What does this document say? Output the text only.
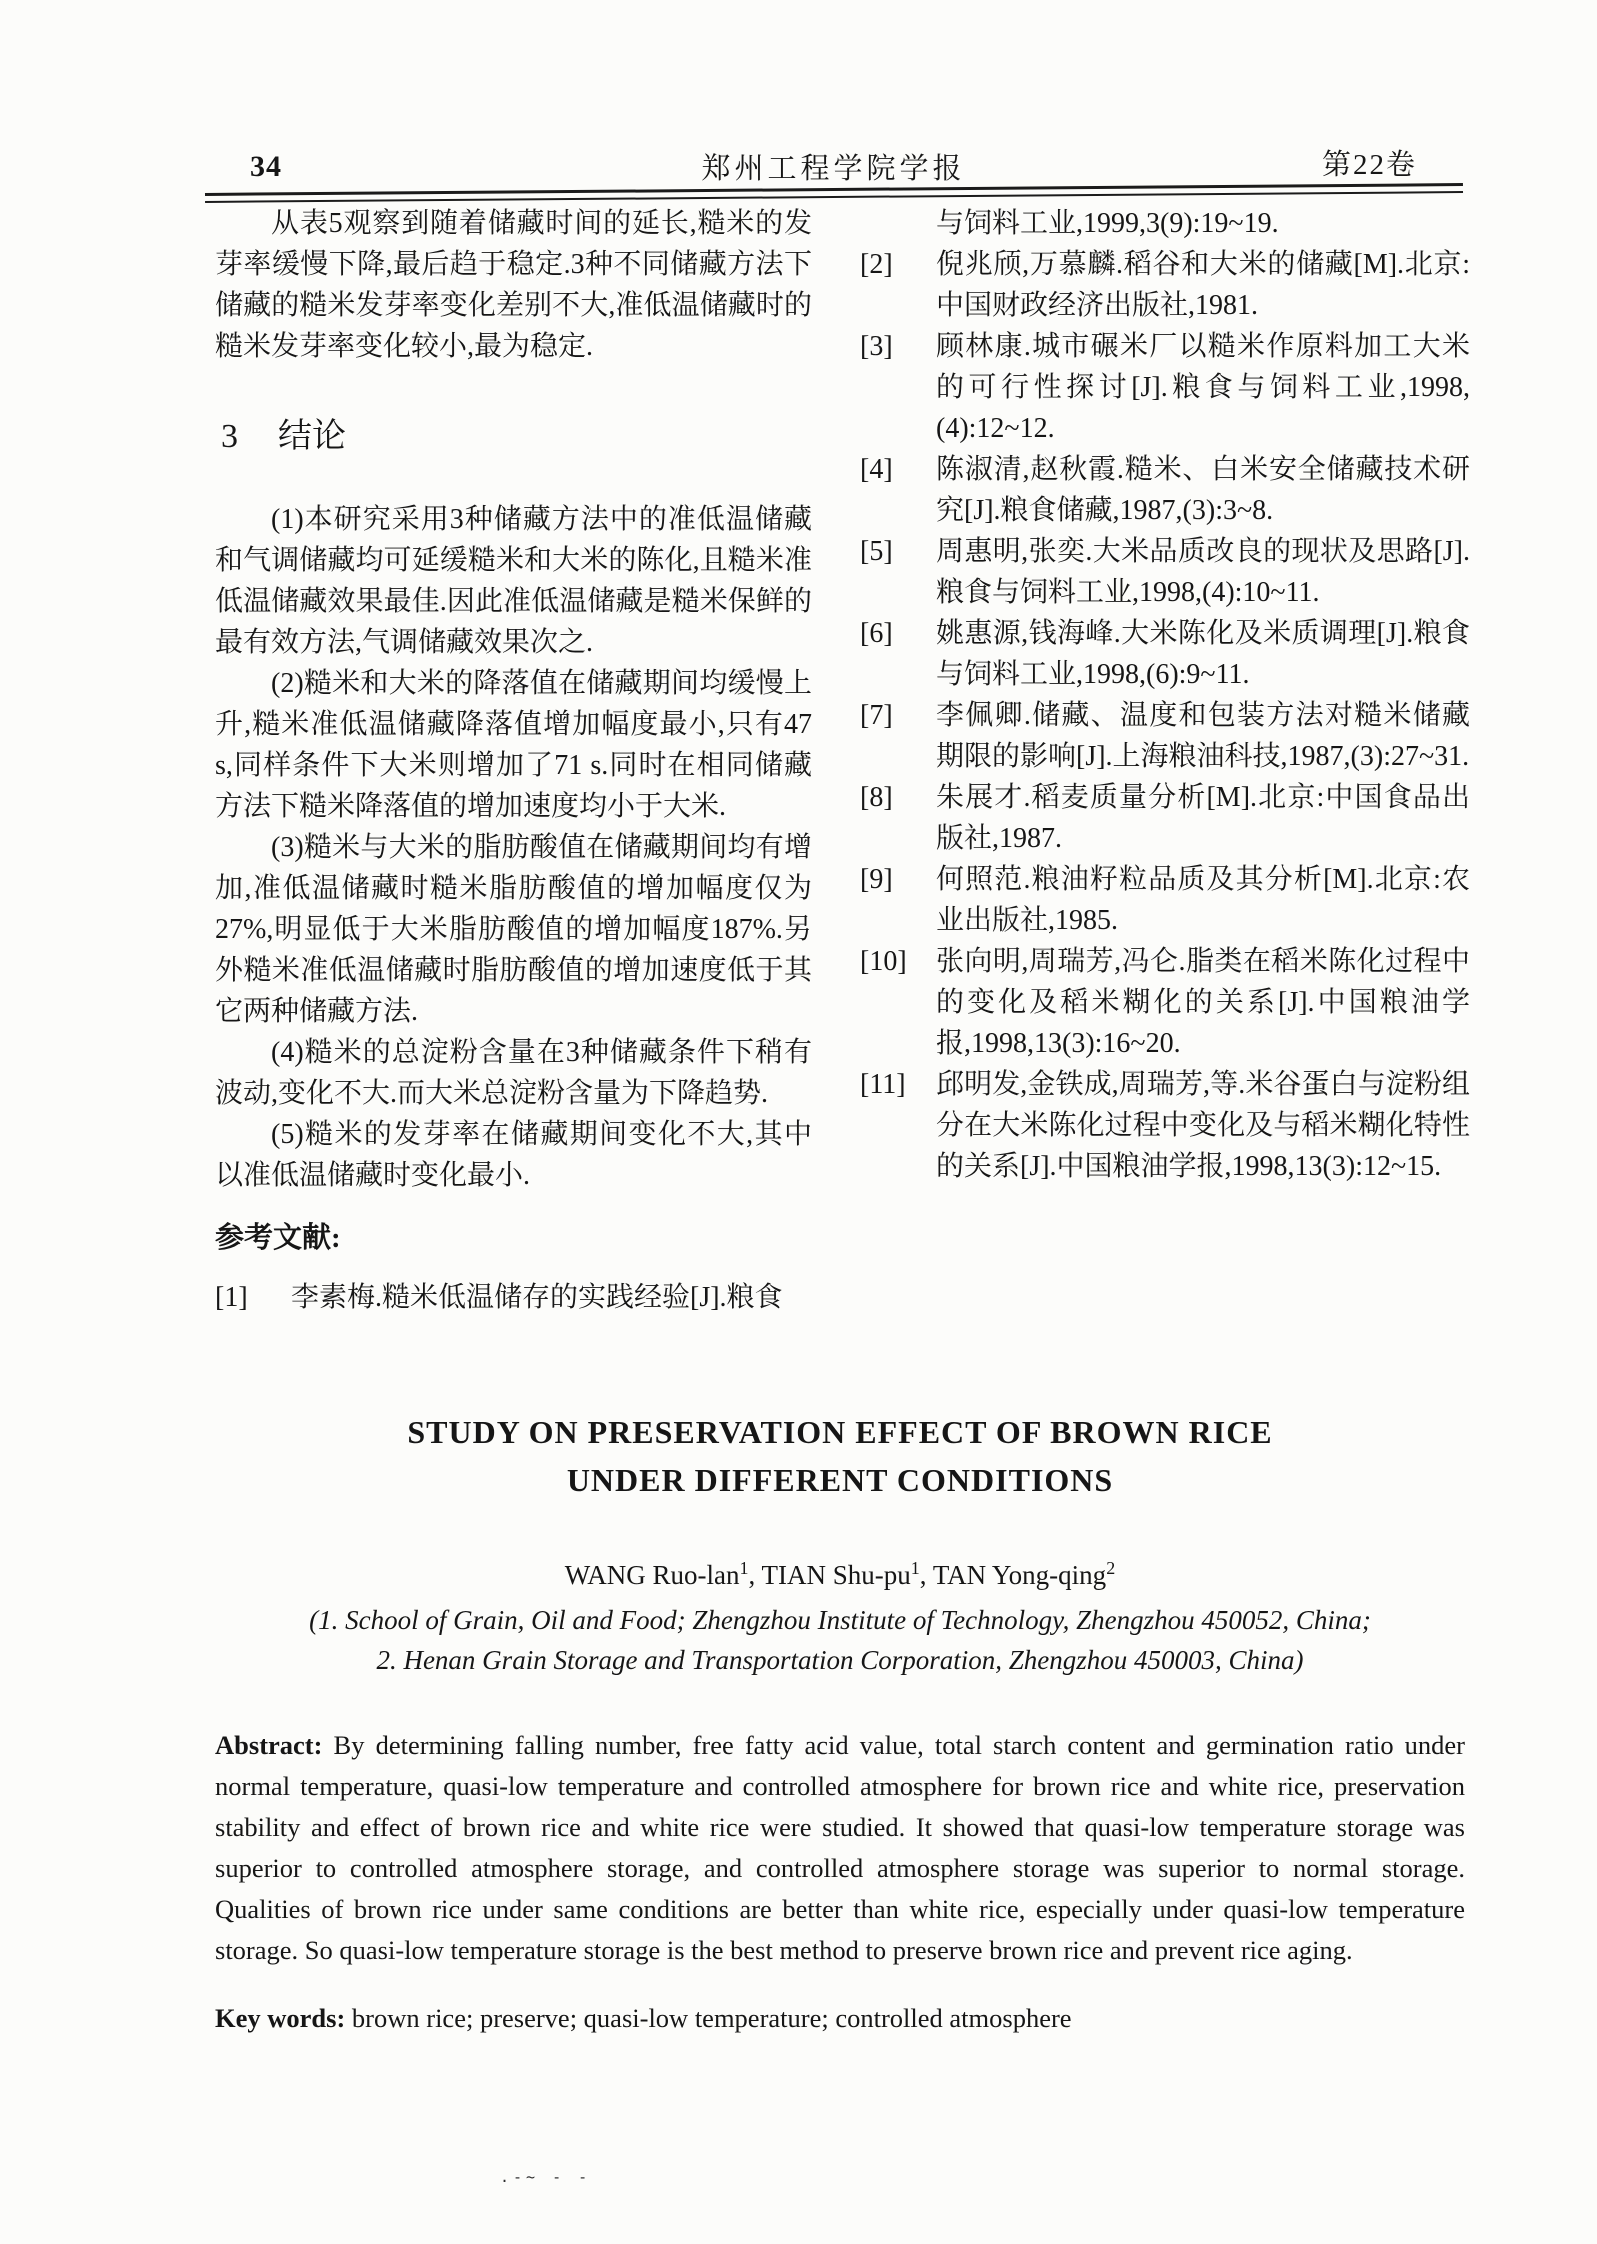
34	郑州工程学院学报	第22卷

从表5观察到随着储藏时间的延长,糙米的发芽率缓慢下降,最后趋于稳定.3种不同储藏方法下储藏的糙米发芽率变化差别不大,准低温储藏时的糙米发芽率变化较小,最为稳定.

3 结论

(1)本研究采用3种储藏方法中的准低温储藏和气调储藏均可延缓糙米和大米的陈化,且糙米准低温储藏效果最佳.因此准低温储藏是糙米保鲜的最有效方法,气调储藏效果次之.

(2)糙米和大米的降落值在储藏期间均缓慢上升,糙米准低温储藏降落值增加幅度最小,只有47 s,同样条件下大米则增加了71 s.同时在相同储藏方法下糙米降落值的增加速度均小于大米.

(3)糙米与大米的脂肪酸值在储藏期间均有增加,准低温储藏时糙米脂肪酸值的增加幅度仅为27%,明显低于大米脂肪酸值的增加幅度187%.另外糙米准低温储藏时脂肪酸值的增加速度低于其它两种储藏方法.

(4)糙米的总淀粉含量在3种储藏条件下稍有波动,变化不大.而大米总淀粉含量为下降趋势.

(5)糙米的发芽率在储藏期间变化不大,其中以准低温储藏时变化最小.

参考文献:

[1]	李素梅.糙米低温储存的实践经验[J].粮食
与饲料工业,1999,3(9):19~19.
[2]	倪兆颀,万慕麟.稻谷和大米的储藏[M].北京:中国财政经济出版社,1981.
[3]	顾林康.城市碾米厂以糙米作原料加工大米的可行性探讨[J].粮食与饲料工业,1998,(4):12~12.
[4]	陈淑清,赵秋霞.糙米、白米安全储藏技术研究[J].粮食储藏,1987,(3):3~8.
[5]	周惠明,张奕.大米品质改良的现状及思路[J].粮食与饲料工业,1998,(4):10~11.
[6]	姚惠源,钱海峰.大米陈化及米质调理[J].粮食与饲料工业,1998,(6):9~11.
[7]	李佩卿.储藏、温度和包装方法对糙米储藏期限的影响[J].上海粮油科技,1987,(3):27~31.
[8]	朱展才.稻麦质量分析[M].北京:中国食品出版社,1987.
[9]	何照范.粮油籽粒品质及其分析[M].北京:农业出版社,1985.
[10]	张向明,周瑞芳,冯仑.脂类在稻米陈化过程中的变化及稻米糊化的关系[J].中国粮油学报,1998,13(3):16~20.
[11]	邱明发,金铁成,周瑞芳,等.米谷蛋白与淀粉组分在大米陈化过程中变化及与稻米糊化特性的关系[J].中国粮油学报,1998,13(3):12~15.
STUDY ON PRESERVATION EFFECT OF BROWN RICE
UNDER DIFFERENT CONDITIONS
WANG Ruo-lan$^1$, TIAN Shu-$pu^1$, TAN Yong-qing$^2$
(1. School of Grain, Oil and Food; Zhengzhou Institute of Technology, Zhengzhou 450052, China;
2. Henan Grain Storage and Transportation Corporation, Zhengzhou 450003, China)

Abstract: By determining falling number, free fatty acid value, total starch content and germination ratio under normal temperature, quasi-low temperature and controlled atmosphere for brown rice and white rice, preservation stability and effect of brown rice and white rice were studied. It showed that quasi-low temperature storage was superior to controlled atmosphere storage, and controlled atmosphere storage was superior to normal storage. Qualities of brown rice under same conditions are better than white rice, especially under quasi-low temperature storage. So quasi-low temperature storage is the best method to preserve brown rice and prevent rice aging.

Key words: brown rice; preserve; quasi-low temperature; controlled atmosphere

.-~ - -
